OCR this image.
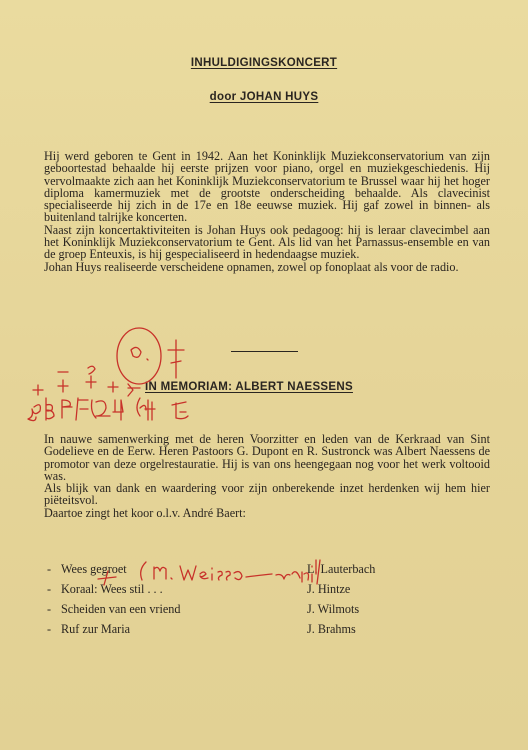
INHULDIGINGSKONCERT
door JOHAN HUYS

Hij werd geboren te Gent in 1942. Aan het Koninklijk Muziekconservatorium van zijn geboortestad behaalde hij eerste prijzen voor piano, orgel en muziekgeschiedenis. Hij vervolmaakte zich aan het Koninklijk Muziekconservatorium te Brussel waar hij het hoger diploma kamermuziek met de grootste onderscheiding behaalde. Als clavecinist specialiseerde hij zich in de 17e en 18e eeuwse muziek. Hij gaf zowel in binnen- als buitenland talrijke koncerten.

Naast zijn koncertaktiviteiten is Johan Huys ook pedagoog: hij is leraar clavecimbel aan het Koninklijk Muziekconservatorium te Gent. Als lid van het Parnassus-ensemble en van de groep Enteuxis, is hij gespecialiseerd in hedendaagse muziek.

Johan Huys realiseerde verscheidene opnamen, zowel op fonoplaat als voor de radio.

IN MEMORIAM: ALBERT NAESSENS

In nauwe samenwerking met de heren Voorzitter en leden van de Kerkraad van Sint Godelieve en de Eerw. Heren Pastoors G. Dupont en R. Sustronck was Albert Naessens de promotor van deze orgelrestauratie. Hij is van ons heengegaan nog voor het werk voltooid was.

Als blijk van dank en waardering voor zijn onberekende inzet herdenken wij hem hier piëteitsvol.

Daartoe zingt het koor o.l.v. André Baert:

- Wees gegroet	L. Lauterbach
- Koraal: Wees stil . . .	J. Hintze
- Scheiden van een vriend	J. Wilmots
- Ruf zur Maria	J. Brahms
